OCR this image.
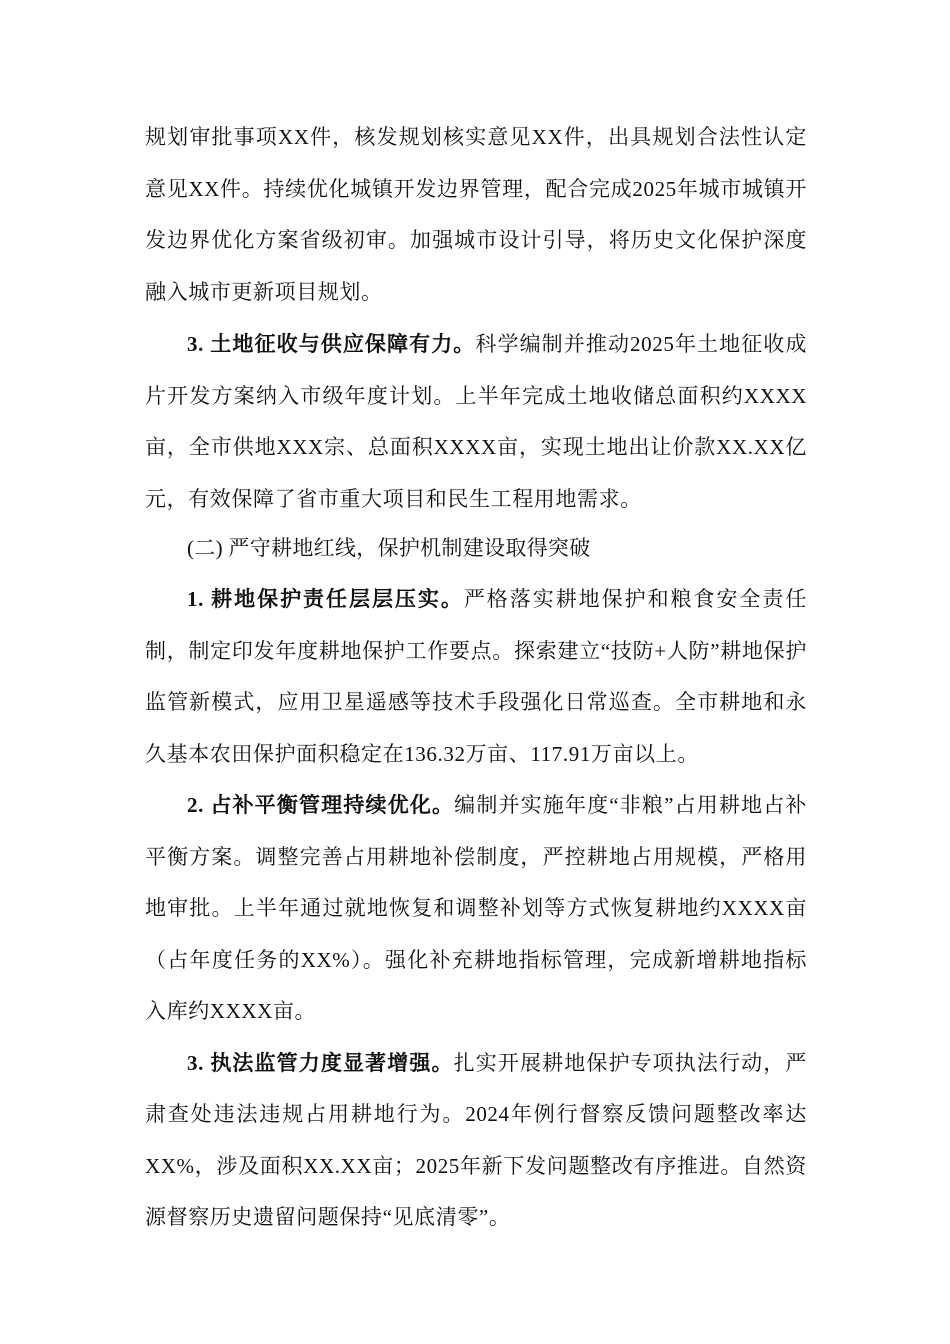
规划审批事项XX件，核发规划核实意见XX件，出具规划合法性认定意见XX件。持续优化城镇开发边界管理，配合完成2025年城市城镇开发边界优化方案省级初审。加强城市设计引导，将历史文化保护深度融入城市更新项目规划。

3. 土地征收与供应保障有力。科学编制并推动2025年土地征收成片开发方案纳入市级年度计划。上半年完成土地收储总面积约XXXX亩，全市供地XXX宗、总面积XXXX亩，实现土地出让价款XX.XX亿元，有效保障了省市重大项目和民生工程用地需求。

(二) 严守耕地红线，保护机制建设取得突破

1. 耕地保护责任层层压实。严格落实耕地保护和粮食安全责任制，制定印发年度耕地保护工作要点。探索建立“技防+人防”耕地保护监管新模式，应用卫星遥感等技术手段强化日常巡查。全市耕地和永久基本农田保护面积稳定在136.32万亩、117.91万亩以上。

2. 占补平衡管理持续优化。编制并实施年度“非粮”占用耕地占补平衡方案。调整完善占用耕地补偿制度，严控耕地占用规模，严格用地审批。上半年通过就地恢复和调整补划等方式恢复耕地约XXXX亩（占年度任务的XX%）。强化补充耕地指标管理，完成新增耕地指标入库约XXXX亩。

3. 执法监管力度显著增强。扎实开展耕地保护专项执法行动，严肃查处违法违规占用耕地行为。2024年例行督察反馈问题整改率达XX%，涉及面积XX.XX亩；2025年新下发问题整改有序推进。自然资源督察历史遗留问题保持“见底清零”。
